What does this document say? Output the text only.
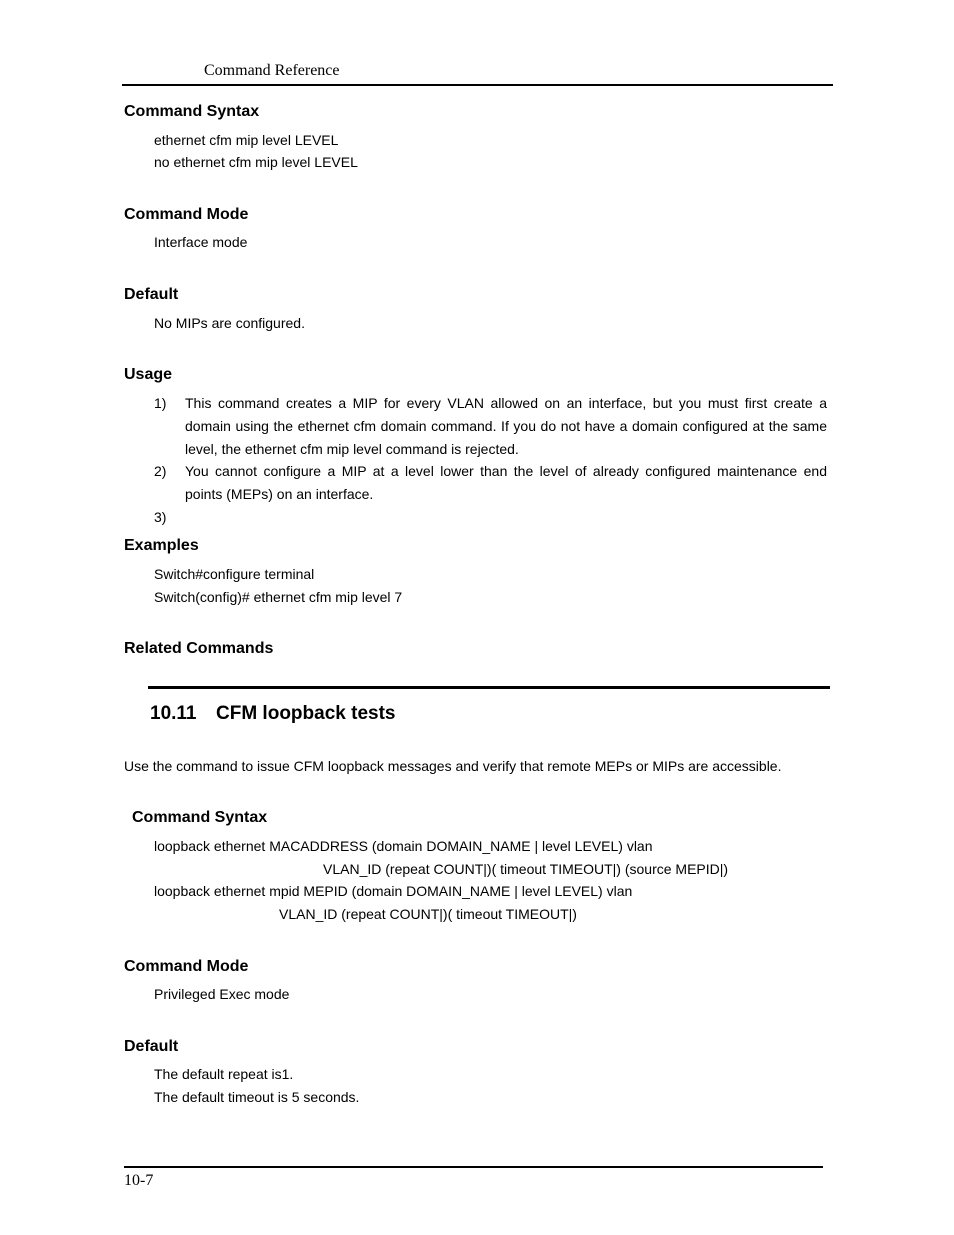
Command Reference
Command Syntax
ethernet cfm mip level LEVEL
no ethernet cfm mip level LEVEL
Command Mode
Interface mode
Default
No MIPs are configured.
Usage
1) This command creates a MIP for every VLAN allowed on an interface, but you must first create a domain using the ethernet cfm domain command. If you do not have a domain configured at the same level, the ethernet cfm mip level command is rejected.
2) You cannot configure a MIP at a level lower than the level of already configured maintenance end points (MEPs) on an interface.
3)
Examples
Switch#configure terminal
Switch(config)# ethernet cfm mip level 7
Related Commands
10.11 CFM loopback tests
Use the command to issue CFM loopback messages and verify that remote MEPs or MIPs are accessible.
Command Syntax
loopback ethernet MACADDRESS (domain DOMAIN_NAME | level LEVEL) vlan
VLAN_ID (repeat COUNT|)( timeout TIMEOUT|) (source MEPID|)
loopback ethernet mpid MEPID (domain DOMAIN_NAME | level LEVEL) vlan
VLAN_ID (repeat COUNT|)( timeout TIMEOUT|)
Command Mode
Privileged Exec mode
Default
The default repeat is1.
The default timeout is 5 seconds.
10-7
